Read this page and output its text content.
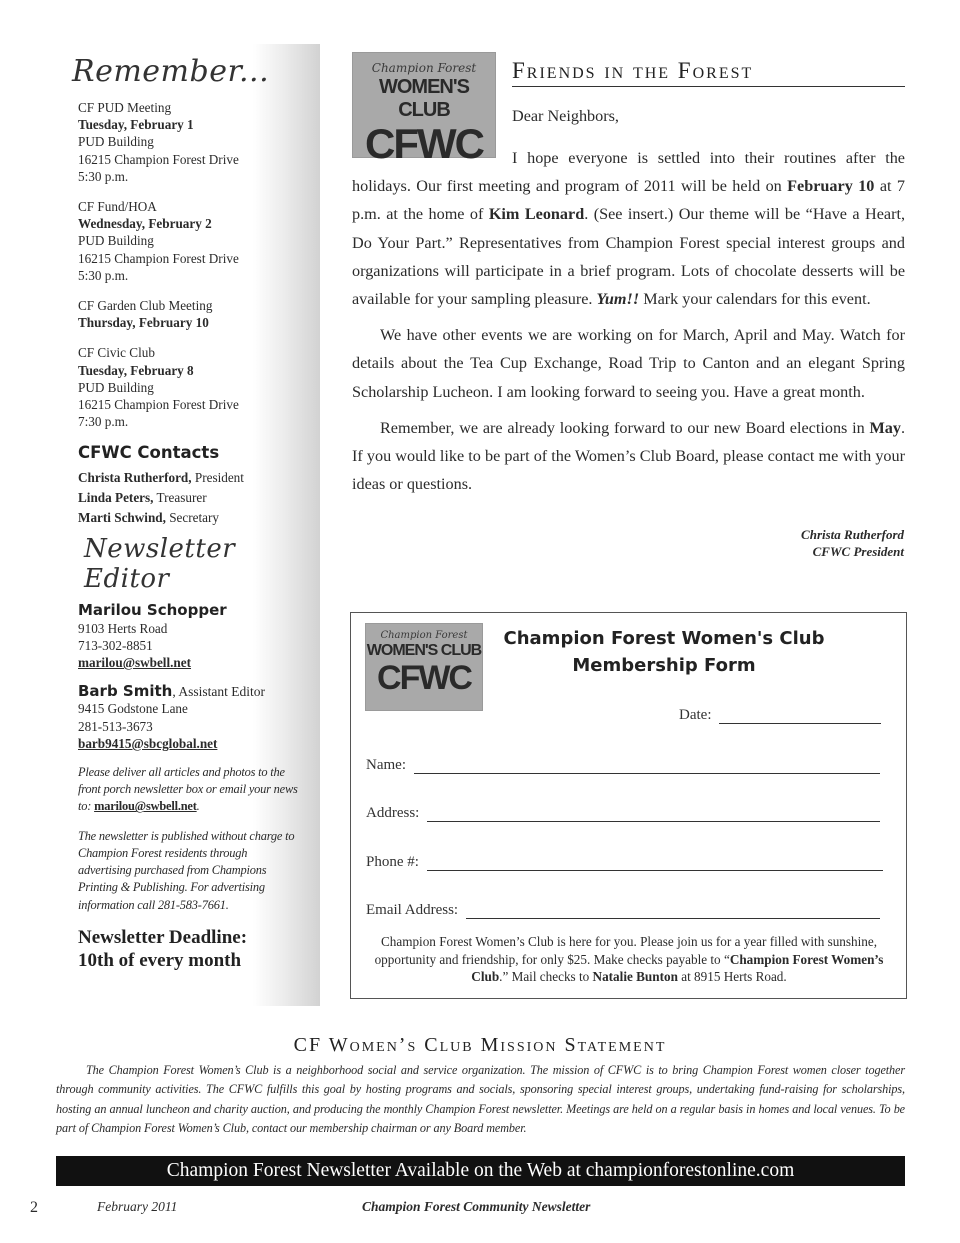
Remember...
CF PUD Meeting
Tuesday, February 1
PUD Building
16215 Champion Forest Drive
5:30 p.m.
CF Fund/HOA
Wednesday, February 2
PUD Building
16215 Champion Forest Drive
5:30 p.m.
CF Garden Club Meeting
Thursday, February 10
CF Civic Club
Tuesday, February 8
PUD Building
16215 Champion Forest Drive
7:30 p.m.
CFWC Contacts
Christa Rutherford, President
Linda Peters, Treasurer
Marti Schwind, Secretary
Newsletter Editor
Marilou Schopper
9103 Herts Road
713-302-8851
marilou@swbell.net
Barb Smith, Assistant Editor
9415 Godstone Lane
281-513-3673
barb9415@sbcglobal.net
Please deliver all articles and photos to the front porch newsletter box or email your news to: marilou@swbell.net.
The newsletter is published without charge to Champion Forest residents through advertising purchased from Champions Printing & Publishing. For advertising information call 281-583-7661.
Newsletter Deadline:
10th of every month
Champion Forest
WOMEN'S CLUB
CFWC
Friends in the Forest
Dear Neighbors,

I hope everyone is settled into their routines after the holidays. Our first meeting and program of 2011 will be held on February 10 at 7 p.m. at the home of Kim Leonard. (See insert.) Our theme will be “Have a Heart, Do Your Part.” Representatives from Champion Forest special interest groups and organizations will participate in a brief program. Lots of chocolate desserts will be available for your sampling pleasure. Yum!! Mark your calendars for this event.

We have other events we are working on for March, April and May. Watch for details about the Tea Cup Exchange, Road Trip to Canton and an elegant Spring Scholarship Lucheon. I am looking forward to seeing you. Have a great month.

Remember, we are already looking forward to our new Board elections in May. If you would like to be part of the Women’s Club Board, please contact me with your ideas or questions.

Christa Rutherford
CFWC President
Champion Forest
WOMEN'S CLUB
CFWC
Champion Forest Women's Club
Membership Form
Date:
Name:
Address:
Phone #:
Email Address:
Champion Forest Women’s Club is here for you. Please join us for a year filled with sunshine, opportunity and friendship, for only $25. Make checks payable to “Champion Forest Women’s Club.” Mail checks to Natalie Bunton at 8915 Herts Road.
CF Women’s Club Mission Statement
The Champion Forest Women’s Club is a neighborhood social and service organization. The mission of CFWC is to bring Champion Forest women closer together through community activities. The CFWC fulfills this goal by hosting programs and socials, sponsoring special interest groups, undertaking fund-raising for scholarships, hosting an annual luncheon and charity auction, and producing the monthly Champion Forest newsletter. Meetings are held on a regular basis in homes and local venues. To be part of Champion Forest Women’s Club, contact our membership chairman or any Board member.
Champion Forest Newsletter Available on the Web at championforestonline.com
2	February 2011	Champion Forest Community Newsletter
